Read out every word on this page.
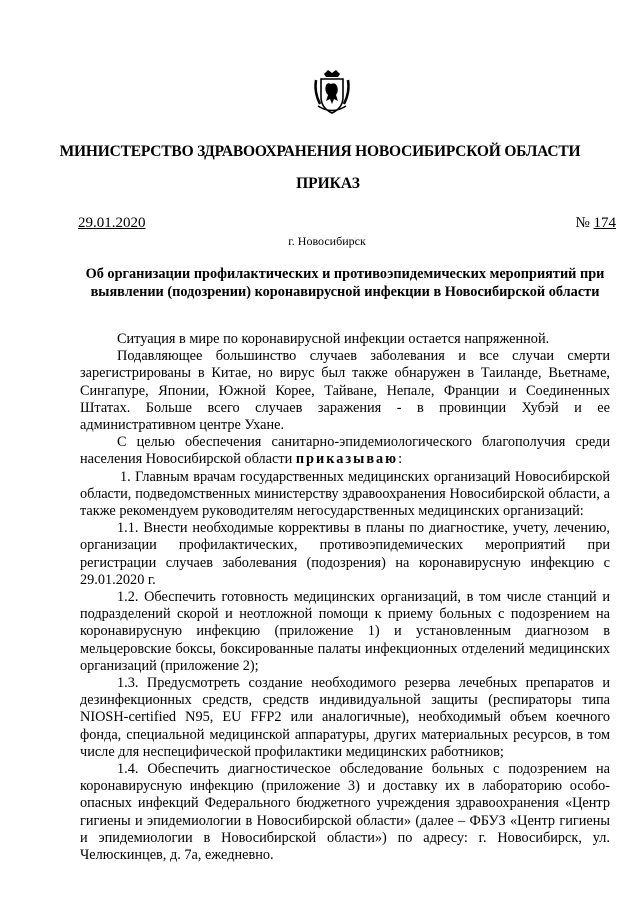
МИНИСТЕРСТВО ЗДРАВООХРАНЕНИЯ НОВОСИБИРСКОЙ ОБЛАСТИ
ПРИКАЗ
29.01.2020	№ 174
г. Новосибирск
Об организации профилактических и противоэпидемических мероприятий при выявлении (подозрении) коронавирусной инфекции в Новосибирской области

Ситуация в мире по коронавирусной инфекции остается напряженной.

Подавляющее большинство случаев заболевания и все случаи смерти зарегистрированы в Китае, но вирус был также обнаружен в Таиланде, Вьетнаме, Сингапуре, Японии, Южной Корее, Тайване, Непале, Франции и Соединенных Штатах. Больше всего случаев заражения - в провинции Хубэй и ее административном центре Ухане.

С целью обеспечения санитарно-эпидемиологического благополучия среди населения Новосибирской области приказываю:

1. Главным врачам государственных медицинских организаций Новосибирской области, подведомственных министерству здравоохранения Новосибирской области, а также рекомендуем руководителям негосударственных медицинских организаций:

1.1. Внести необходимые коррективы в планы по диагностике, учету, лечению, организации профилактических, противоэпидемических мероприятий при регистрации случаев заболевания (подозрения) на коронавирусную инфекцию с 29.01.2020 г.

1.2. Обеспечить готовность медицинских организаций, в том числе станций и подразделений скорой и неотложной помощи к приему больных с подозрением на коронавирусную инфекцию (приложение 1) и установленным диагнозом в мельцеровские боксы, боксированные палаты инфекционных отделений медицинских организаций (приложение 2);

1.3. Предусмотреть создание необходимого резерва лечебных препаратов и дезинфекционных средств, средств индивидуальной защиты (респираторы типа NIOSH-certified N95, EU FFP2 или аналогичные), необходимый объем коечного фонда, специальной медицинской аппаратуры, других материальных ресурсов, в том числе для неспецифической профилактики медицинских работников;

1.4. Обеспечить диагностическое обследование больных с подозрением на коронавирусную инфекцию (приложение 3) и доставку их в лабораторию особо-опасных инфекций Федерального бюджетного учреждения здравоохранения «Центр гигиены и эпидемиологии в Новосибирской области» (далее – ФБУЗ «Центр гигиены и эпидемиологии в Новосибирской области») по адресу: г. Новосибирск, ул. Челюскинцев, д. 7а, ежедневно.
